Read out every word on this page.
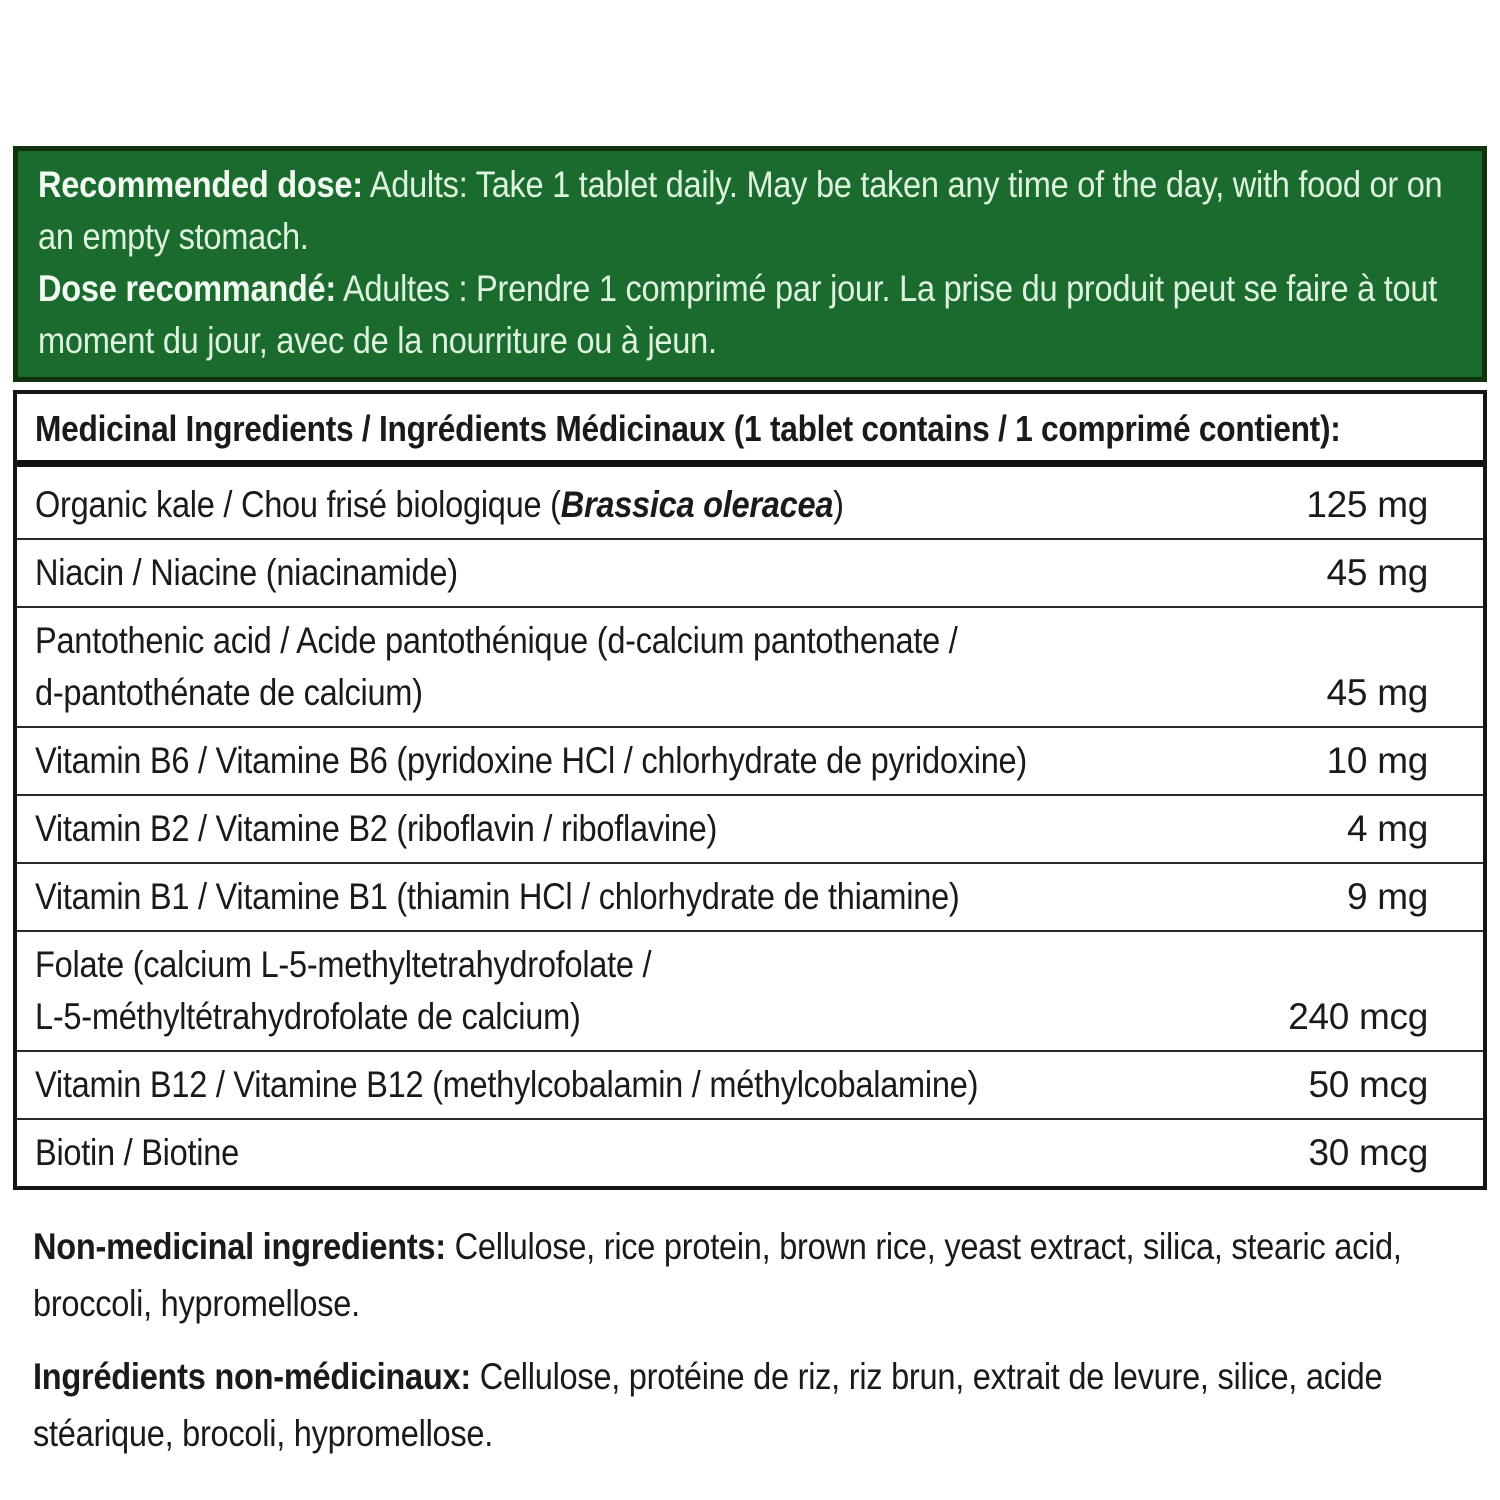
Recommended dose: Adults: Take 1 tablet daily. May be taken any time of the day, with food or on an empty stomach.

Dose recommandé: Adultes : Prendre 1 comprimé par jour. La prise du produit peut se faire à tout moment du jour, avec de la nourriture ou à jeun.

Medicinal Ingredients / Ingrédients Médicinaux (1 tablet contains / 1 comprimé contient):
Organic kale / Chou frisé biologique (Brassica oleracea)	125 mg
Niacin / Niacine (niacinamide)	45 mg
Pantothenic acid / Acide pantothénique (d-calcium pantothenate /
d-pantothénate de calcium)	45 mg
Vitamin B6 / Vitamine B6 (pyridoxine HCl / chlorhydrate de pyridoxine)	10 mg
Vitamin B2 / Vitamine B2 (riboflavin / riboflavine)	4 mg
Vitamin B1 / Vitamine B1 (thiamin HCl / chlorhydrate de thiamine)	9 mg
Folate (calcium L-5-methyltetrahydrofolate /
L-5-méthyltétrahydrofolate de calcium)	240 mcg
Vitamin B12 / Vitamine B12 (methylcobalamin / méthylcobalamine)	50 mcg
Biotin / Biotine	30 mcg

Non-medicinal ingredients: Cellulose, rice protein, brown rice, yeast extract, silica, stearic acid, broccoli, hypromellose.

Ingrédients non-médicinaux: Cellulose, protéine de riz, riz brun, extrait de levure, silice, acide stéarique, brocoli, hypromellose.
